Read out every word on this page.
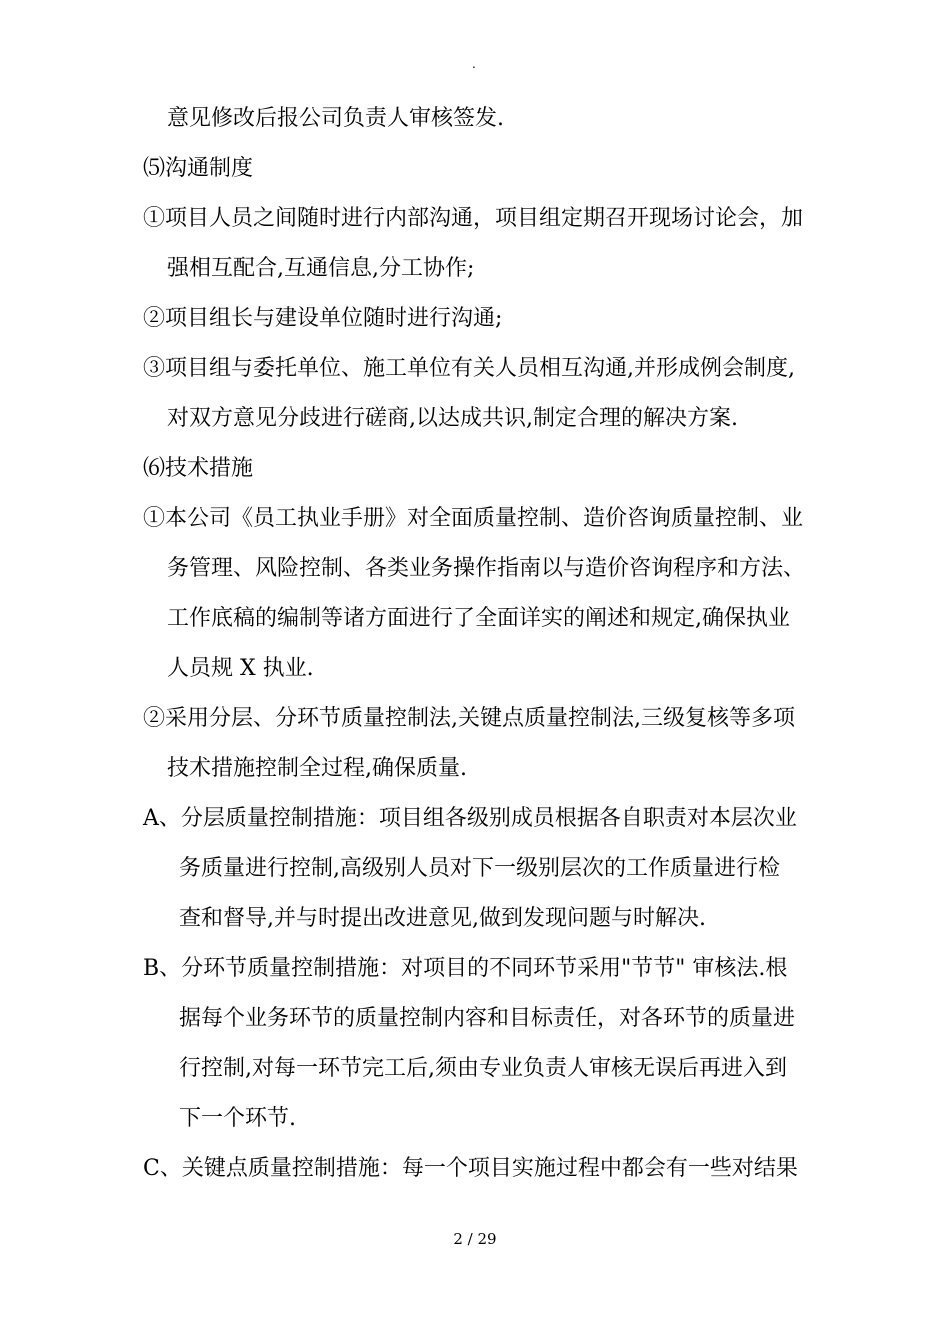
.
意见修改后报公司负责人审核签发.
⑸沟通制度
①项目人员之间随时进行内部沟通，项目组定期召开现场讨论会，加
强相互配合,互通信息,分工协作;
②项目组长与建设单位随时进行沟通;
③项目组与委托单位、施工单位有关人员相互沟通,并形成例会制度,
对双方意见分歧进行磋商,以达成共识,制定合理的解决方案.
⑹技术措施
①本公司《员工执业手册》对全面质量控制、造价咨询质量控制、业
务管理、风险控制、各类业务操作指南以与造价咨询程序和方法、
工作底稿的编制等诸方面进行了全面详实的阐述和规定,确保执业
人员规 X 执业.
②采用分层、分环节质量控制法,关键点质量控制法,三级复核等多项
技术措施控制全过程,确保质量.
A、分层质量控制措施：项目组各级别成员根据各自职责对本层次业
务质量进行控制,高级别人员对下一级别层次的工作质量进行检
查和督导,并与时提出改进意见,做到发现问题与时解决.
B、分环节质量控制措施：对项目的不同环节采用"节节" 审核法.根
据每个业务环节的质量控制内容和目标责任，对各环节的质量进
行控制,对每一环节完工后,须由专业负责人审核无误后再进入到
下一个环节.
C、关键点质量控制措施：每一个项目实施过程中都会有一些对结果
2 / 29
